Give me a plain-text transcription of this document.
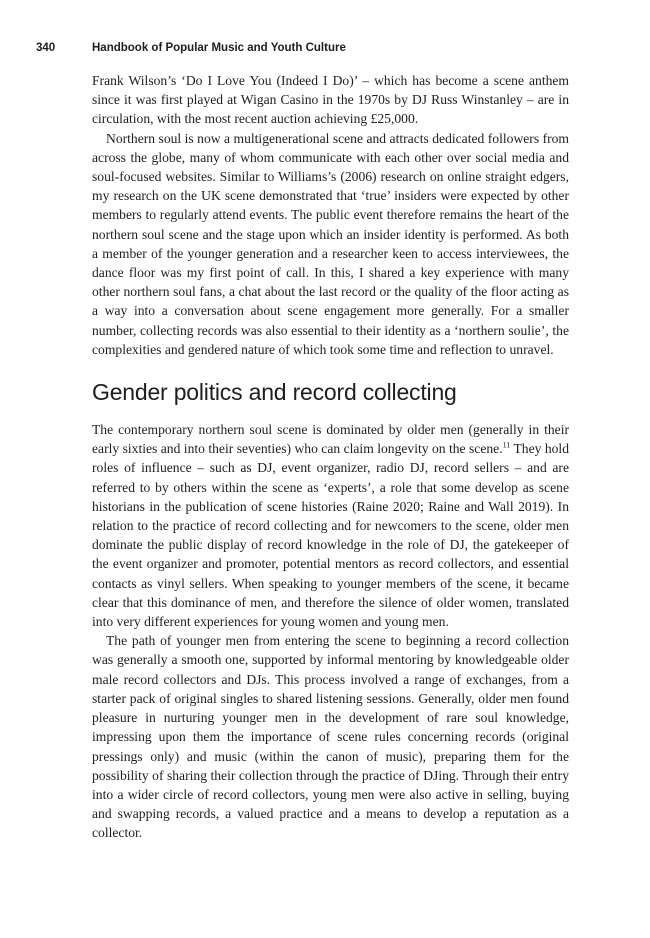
340	Handbook of Popular Music and Youth Culture

Frank Wilson’s ‘Do I Love You (Indeed I Do)’ – which has become a scene anthem since it was first played at Wigan Casino in the 1970s by DJ Russ Winstanley – are in circulation, with the most recent auction achieving £25,000.

Northern soul is now a multigenerational scene and attracts dedicated followers from across the globe, many of whom communicate with each other over social media and soul-focused websites. Similar to Williams’s (2006) research on online straight edgers, my research on the UK scene demonstrated that ‘true’ insiders were expected by other members to regularly attend events. The public event therefore remains the heart of the northern soul scene and the stage upon which an insider identity is performed. As both a member of the younger generation and a researcher keen to access interviewees, the dance floor was my first point of call. In this, I shared a key experience with many other northern soul fans, a chat about the last record or the quality of the floor acting as a way into a conversation about scene engagement more generally. For a smaller number, collecting records was also essential to their identity as a ‘northern soulie’, the complexities and gendered nature of which took some time and reflection to unravel.

Gender politics and record collecting

The contemporary northern soul scene is dominated by older men (generally in their early sixties and into their seventies) who can claim longevity on the scene.$^{11}$ They hold roles of influence – such as DJ, event organizer, radio DJ, record sellers – and are referred to by others within the scene as ‘experts’, a role that some develop as scene historians in the publication of scene histories (Raine 2020; Raine and Wall 2019). In relation to the practice of record collecting and for newcomers to the scene, older men dominate the public display of record knowledge in the role of DJ, the gatekeeper of the event organizer and promoter, potential mentors as record collectors, and essential contacts as vinyl sellers. When speaking to younger members of the scene, it became clear that this dominance of men, and therefore the silence of older women, translated into very different experiences for young women and young men.

The path of younger men from entering the scene to beginning a record collection was generally a smooth one, supported by informal mentoring by knowledgeable older male record collectors and DJs. This process involved a range of exchanges, from a starter pack of original singles to shared listening sessions. Generally, older men found pleasure in nurturing younger men in the development of rare soul knowledge, impressing upon them the importance of scene rules concerning records (original pressings only) and music (within the canon of music), preparing them for the possibility of sharing their collection through the practice of DJing. Through their entry into a wider circle of record collectors, young men were also active in selling, buying and swapping records, a valued practice and a means to develop a reputation as a collector.
